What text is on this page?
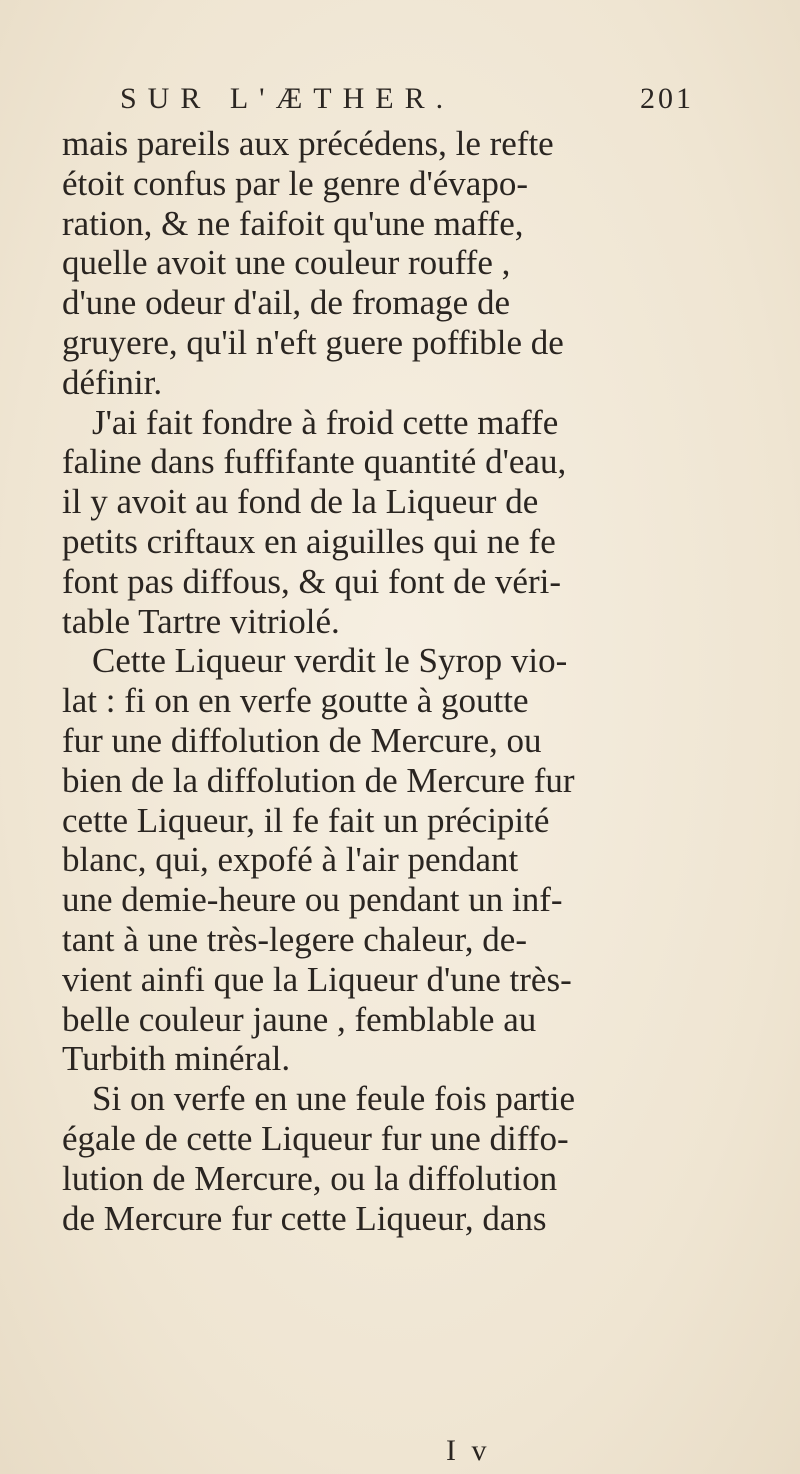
SUR L'ÆTHER.	201
mais pareils aux précédens, le refte
étoit confus par le genre d'évapo-
ration, & ne faifoit qu'une maffe,
quelle avoit une couleur rouffe ,
d'une odeur d'ail, de fromage de
gruyere, qu'il n'eft guere poffible de
définir.
J'ai fait fondre à froid cette maffe
faline dans fuffifante quantité d'eau,
il y avoit au fond de la Liqueur de
petits criftaux en aiguilles qui ne fe
font pas diffous, & qui font de véri-
table Tartre vitriolé.
Cette Liqueur verdit le Syrop vio-
lat : fi on en verfe goutte à goutte
fur une diffolution de Mercure, ou
bien de la diffolution de Mercure fur
cette Liqueur, il fe fait un précipité
blanc, qui, expofé à l'air pendant
une demie-heure ou pendant un inf-
tant à une très-legere chaleur, de-
vient ainfi que la Liqueur d'une très-
belle couleur jaune , femblable au
Turbith minéral.
Si on verfe en une feule fois partie
égale de cette Liqueur fur une diffo-
lution de Mercure, ou la diffolution
de Mercure fur cette Liqueur, dans
I v
